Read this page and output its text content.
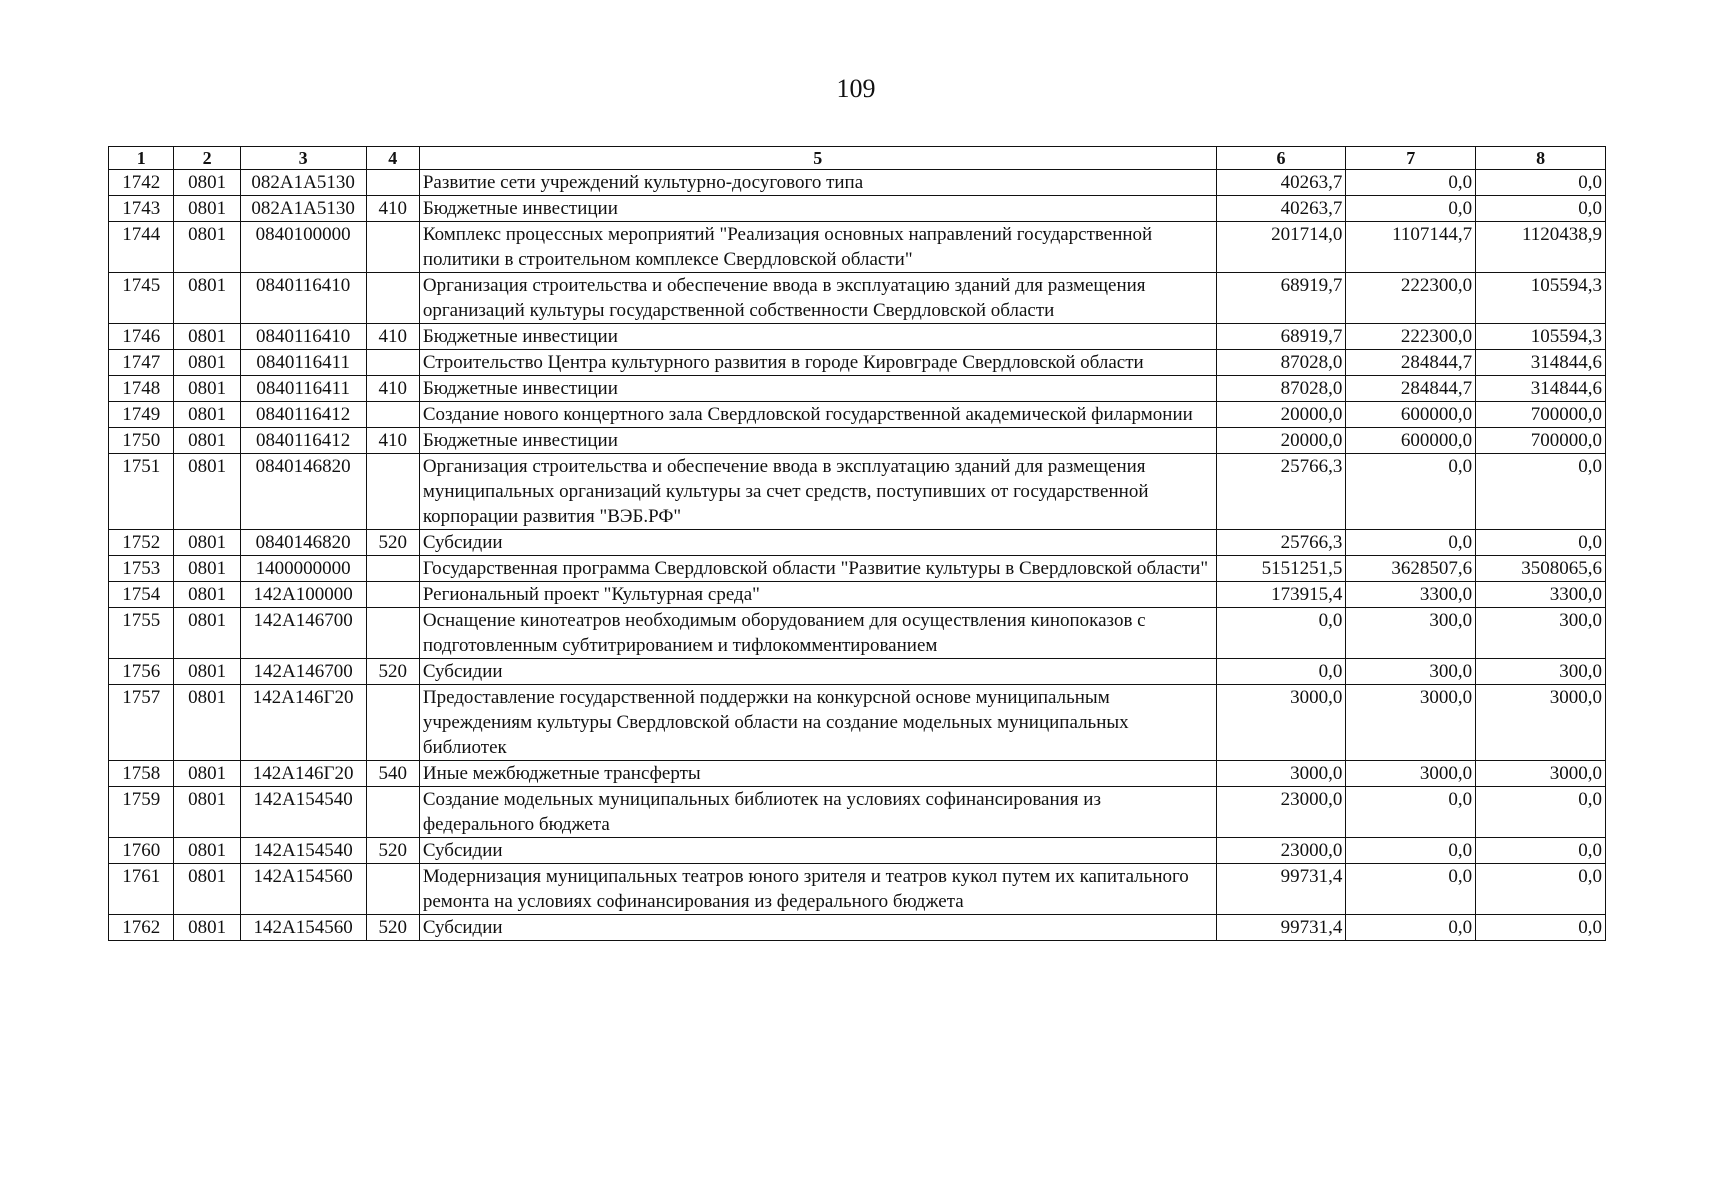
109
1	2	3	4	5	6	7	8
1742	0801	082A1A5130		Развитие сети учреждений культурно-досугового типа	40263,7	0,0	0,0
1743	0801	082A1A5130	410	Бюджетные инвестиции	40263,7	0,0	0,0
1744	0801	0840100000		Комплекс процессных мероприятий "Реализация основных направлений государственной политики в строительном комплексе Свердловской области"	201714,0	1107144,7	1120438,9
1745	0801	0840116410		Организация строительства и обеспечение ввода в эксплуатацию зданий для размещения организаций культуры государственной собственности Свердловской области	68919,7	222300,0	105594,3
1746	0801	0840116410	410	Бюджетные инвестиции	68919,7	222300,0	105594,3
1747	0801	0840116411		Строительство Центра культурного развития в городе Кировграде Свердловской области	87028,0	284844,7	314844,6
1748	0801	0840116411	410	Бюджетные инвестиции	87028,0	284844,7	314844,6
1749	0801	0840116412		Создание нового концертного зала Свердловской государственной академической филармонии	20000,0	600000,0	700000,0
1750	0801	0840116412	410	Бюджетные инвестиции	20000,0	600000,0	700000,0
1751	0801	0840146820		Организация строительства и обеспечение ввода в эксплуатацию зданий для размещения муниципальных организаций культуры за счет средств, поступивших от государственной корпорации развития "ВЭБ.РФ"	25766,3	0,0	0,0
1752	0801	0840146820	520	Субсидии	25766,3	0,0	0,0
1753	0801	1400000000		Государственная программа Свердловской области "Развитие культуры в Свердловской области"	5151251,5	3628507,6	3508065,6
1754	0801	142A100000		Региональный проект "Культурная среда"	173915,4	3300,0	3300,0
1755	0801	142A146700		Оснащение кинотеатров необходимым оборудованием для осуществления кинопоказов с подготовленным субтитрированием и тифлокомментированием	0,0	300,0	300,0
1756	0801	142A146700	520	Субсидии	0,0	300,0	300,0
1757	0801	142A146Г20		Предоставление государственной поддержки на конкурсной основе муниципальным учреждениям культуры Свердловской области на создание модельных муниципальных библиотек	3000,0	3000,0	3000,0
1758	0801	142A146Г20	540	Иные межбюджетные трансферты	3000,0	3000,0	3000,0
1759	0801	142A154540		Создание модельных муниципальных библиотек на условиях софинансирования из федерального бюджета	23000,0	0,0	0,0
1760	0801	142A154540	520	Субсидии	23000,0	0,0	0,0
1761	0801	142A154560		Модернизация муниципальных театров юного зрителя и театров кукол путем их капитального ремонта на условиях софинансирования из федерального бюджета	99731,4	0,0	0,0
1762	0801	142A154560	520	Субсидии	99731,4	0,0	0,0
